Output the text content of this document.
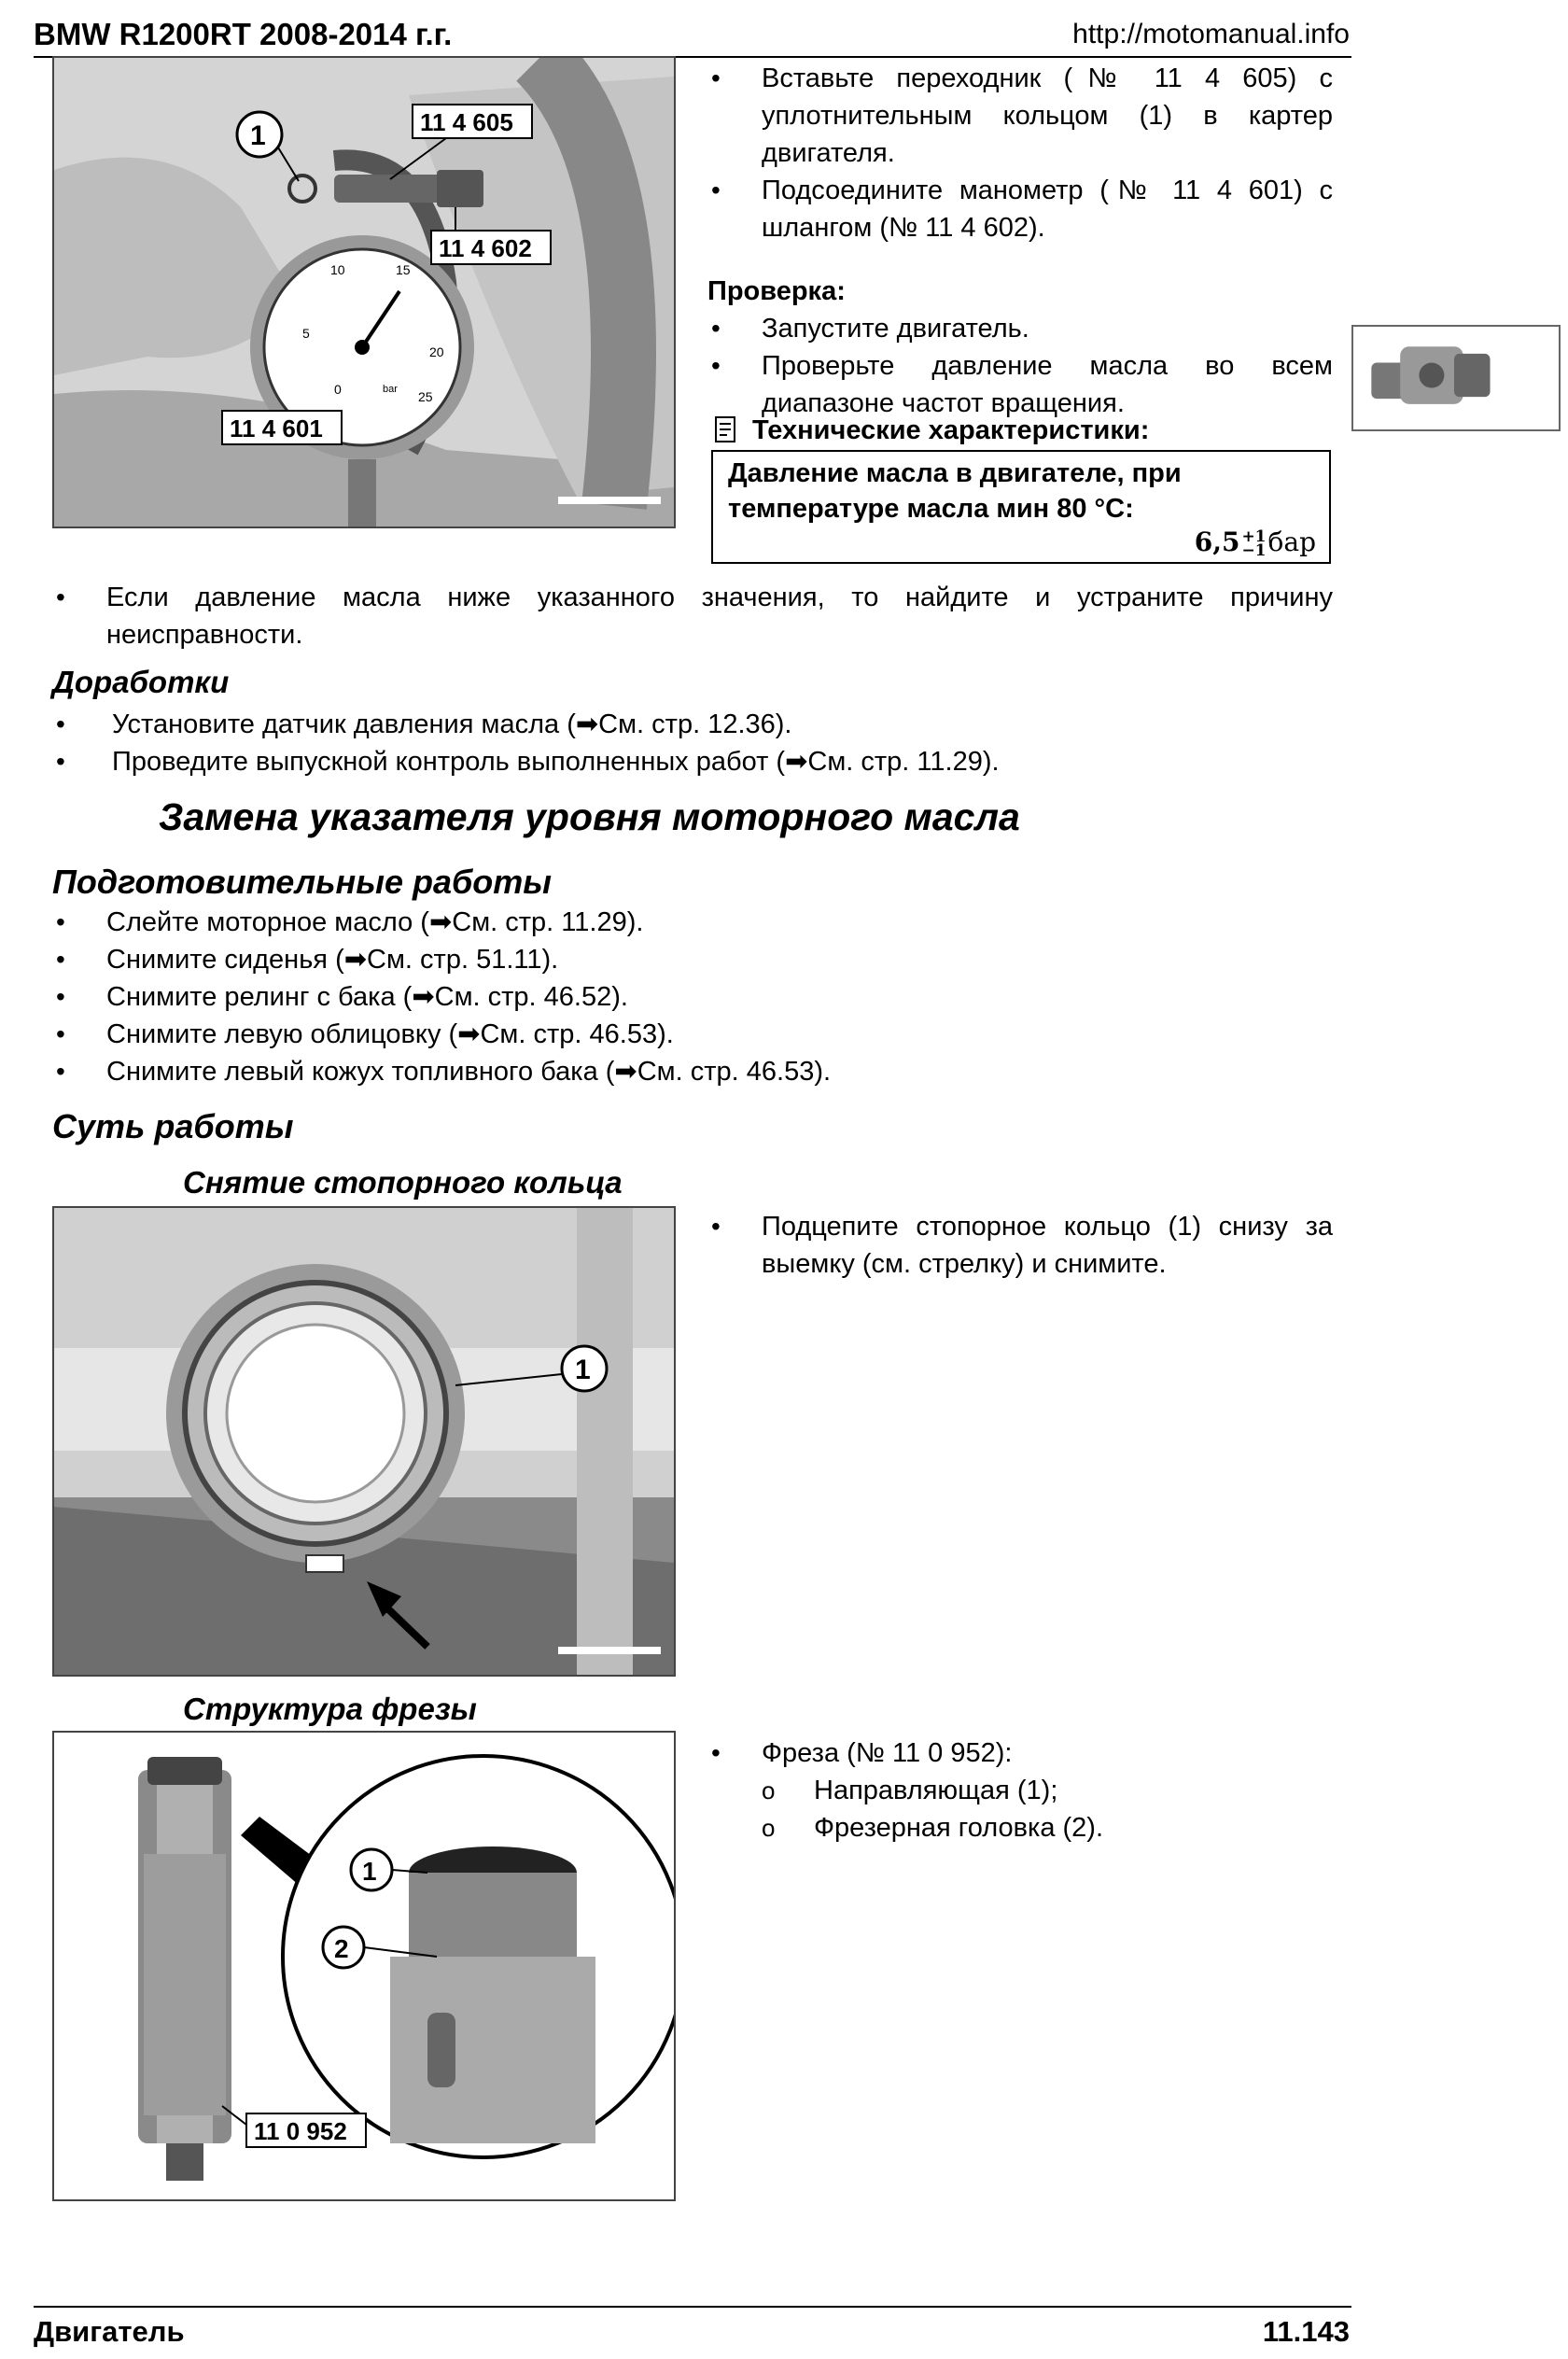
BMW R1200RT 2008-2014 г.г.	http://motomanual.info
5
10	15
20
25
0	bar
1	11 4 605
11 4 602
11 4 601
• Вставьте переходник (№ 11 4 605) с уплотнительным кольцом (1) в картер двигателя.
• Подсоедините манометр (№ 11 4 601) с шлангом (№ 11 4 602).
Проверка:
• Запустите двигатель.
• Проверьте давление масла во всем диапазоне частот вращения.
Технические характеристики:
Давление масла в двигателе, при температуре масла мин 80 °C:
6,5 +1
−1 бар
• Если давление масла ниже указанного значения, то найдите и устраните причину неисправности.
Доработки
• Установите датчик давления масла (➡См. стр. 12.36).
• Проведите выпускной контроль выполненных работ (➡См. стр. 11.29).
Замена указателя уровня моторного масла
Подготовительные работы
• Слейте моторное масло (➡См. стр. 11.29).
• Снимите сиденья (➡См. стр. 51.11).
• Снимите релинг с бака (➡См. стр. 46.52).
• Снимите левую облицовку (➡См. стр. 46.53).
• Снимите левый кожух топливного бака (➡См. стр. 46.53).
Суть работы
Снятие стопорного кольца
1
• Подцепите стопорное кольцо (1) снизу за выемку (см. стрелку) и снимите.
Структура фрезы
1
2
11 0 952
• Фреза (№ 11 0 952):
o Направляющая (1);
o Фрезерная головка (2).
Двигатель	11.143
